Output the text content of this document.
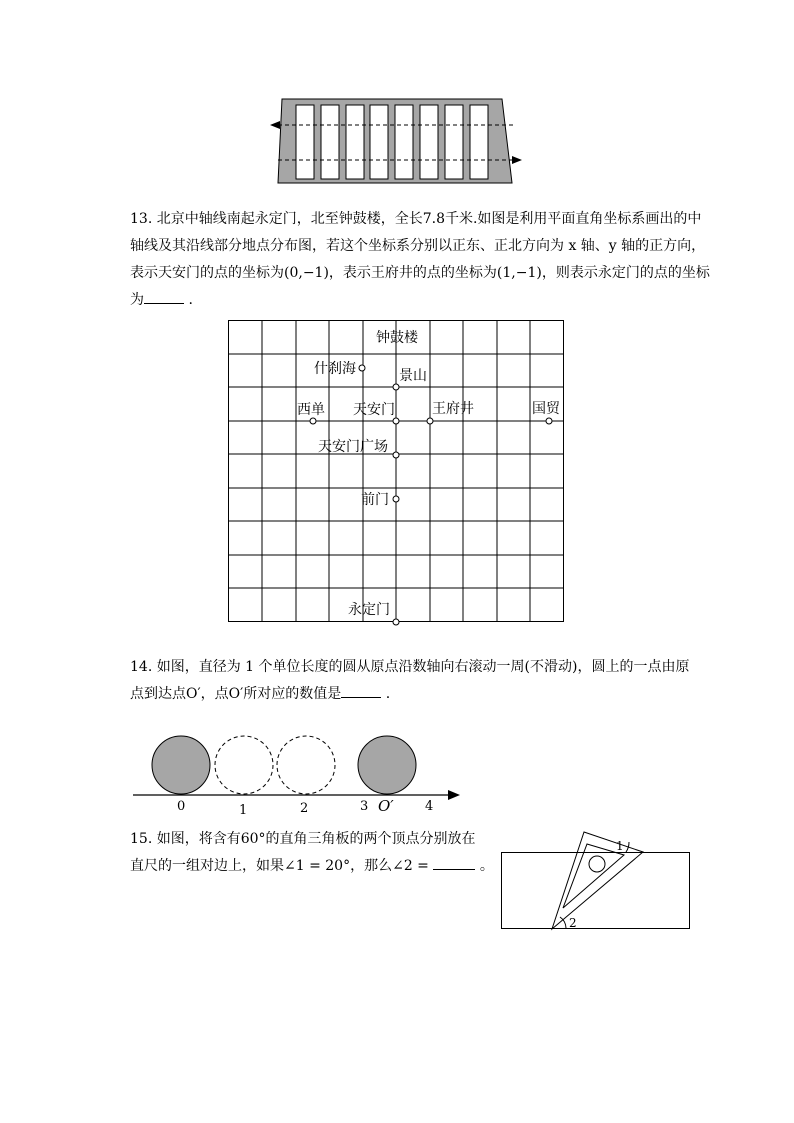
13. 北京中轴线南起永定门，北至钟鼓楼，全长7.8千米.如图是利用平面直角坐标系画出的中
轴线及其沿线部分地点分布图，若这个坐标系分别以正东、正北方向为 x 轴、y 轴的正方向，
表示天安门的点的坐标为(0,−1)，表示王府井的点的坐标为(1,−1)，则表示永定门的点的坐标
为	.
钟鼓楼
什刹海	景山
西单 天安门	王府井	国贸
天安门广场
前门
永定门
14. 如图，直径为 1 个单位长度的圆从原点沿数轴向右滚动一周(不滑动)，圆上的一点由原
点到达点O′，点O′所对应的数值是	.
0	1	2	3 O′ 4
15. 如图，将含有60°的直角三角板的两个顶点分别放在
直尺的一组对边上，如果∠1 = 20°，那么∠2 =	。
1
2
